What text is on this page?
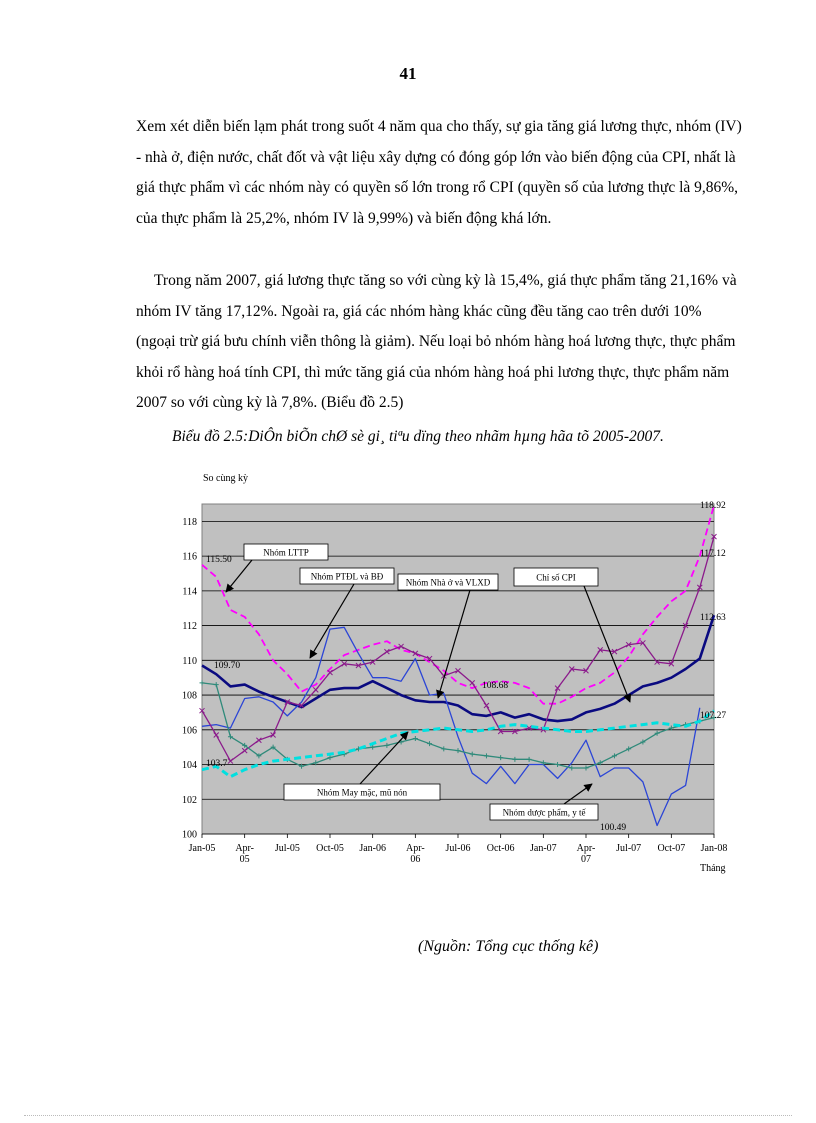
41

Xem xét diễn biến lạm phát trong suốt 4 năm qua cho thấy, sự gia tăng giá lương thực, nhóm (IV) - nhà ở, điện nước, chất đốt và vật liệu xây dựng có đóng góp lớn vào biến động của CPI, nhất là giá thực phẩm vì các nhóm này có quyền số lớn trong rổ CPI (quyền số của lương thực là 9,86%, của thực phẩm là 25,2%, nhóm IV là 9,99%) và biến động khá lớn.

Trong năm 2007, giá lương thực tăng so với cùng kỳ là 15,4%, giá thực phẩm tăng 21,16% và nhóm IV tăng 17,12%. Ngoài ra, giá các nhóm hàng khác cũng đều tăng cao trên dưới 10% (ngoại trừ giá bưu chính viễn thông là giảm). Nếu loại bỏ nhóm hàng hoá lương thực, thực phẩm khỏi rổ hàng hoá tính CPI, thì mức tăng giá của nhóm hàng hoá phi lương thực, thực phẩm năm 2007 so với cùng kỳ là 7,8%. (Biểu đồ 2.5)

Biểu đồ 2.5:DiÔn biÕn chØ sè gi¸ tiªu dïng theo nhãm hµng hãa tõ 2005-2007.

100
102
104
106
108
110
112
114
116
118
Jan-05 Apr-05
Jul-05 Oct-05 Jan-06 Apr-06
Jul-06 Oct-06 Jan-07 Apr-07
Jul-07 Oct-07 Jan-08
115.50
109.70
103.7
108.68
118.92
117.12
112.63
107.27
100.49
Nhóm LTTP
Nhóm PTĐL và BĐ
Nhóm Nhà ở và VLXD	Chỉ số CPI
Nhóm May mặc, mũ nón
Nhóm dược phẩm, y tế
So cùng kỳ
Tháng
(Nguồn: Tổng cục thống kê)
